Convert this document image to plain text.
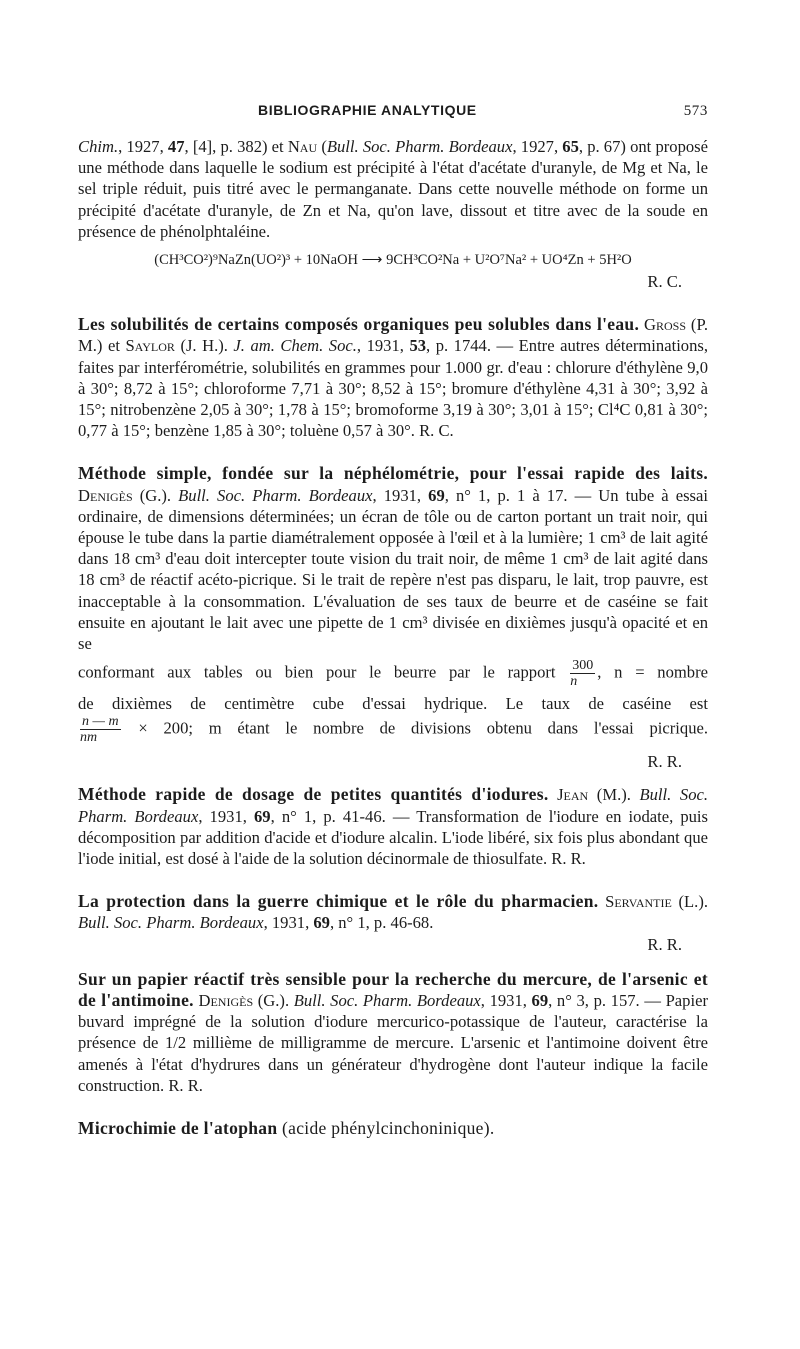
BIBLIOGRAPHIE ANALYTIQUE	573

Chim., 1927, 47, [4], p. 382) et Nau (Bull. Soc. Pharm. Bordeaux, 1927, 65, p. 67) ont proposé une méthode dans laquelle le sodium est précipité à l'état d'acétate d'uranyle, de Mg et Na, le sel triple réduit, puis titré avec le permanganate. Dans cette nouvelle méthode on forme un précipité d'acétate d'uranyle, de Zn et Na, qu'on lave, dissout et titre avec de la soude en présence de phénolphtaléine.

(CH³CO²)⁹NaZn(UO²)³ + 10NaOH ⟶ 9CH³CO²Na + U²O⁷Na² + UO⁴Zn + 5H²O

R. C.

Les solubilités de certains composés organiques peu solubles dans l'eau. Gross (P. M.) et Saylor (J. H.). J. am. Chem. Soc., 1931, 53, p. 1744. — Entre autres déterminations, faites par interférométrie, solubilités en grammes pour 1.000 gr. d'eau : chlorure d'éthylène 9,0 à 30°; 8,72 à 15°; chloroforme 7,71 à 30°; 8,52 à 15°; bromure d'éthylène 4,31 à 30°; 3,92 à 15°; nitrobenzène 2,05 à 30°; 1,78 à 15°; bromoforme 3,19 à 30°; 3,01 à 15°; Cl⁴C 0,81 à 30°; 0,77 à 15°; benzène 1,85 à 30°; toluène 0,57 à 30°. R. C.

Méthode simple, fondée sur la néphélométrie, pour l'essai rapide des laits. Denigès (G.). Bull. Soc. Pharm. Bordeaux, 1931, 69, n° 1, p. 1 à 17. — Un tube à essai ordinaire, de dimensions déterminées; un écran de tôle ou de carton portant un trait noir, qui épouse le tube dans la partie diamétralement opposée à l'œil et à la lumière; 1 cm³ de lait agité dans 18 cm³ d'eau doit intercepter toute vision du trait noir, de même 1 cm³ de lait agité dans 18 cm³ de réactif acéto-picrique. Si le trait de repère n'est pas disparu, le lait, trop pauvre, est inacceptable à la consommation. L'évaluation de ses taux de beurre et de caséine se fait ensuite en ajoutant le lait avec une pipette de 1 cm³ divisée en dixièmes jusqu'à opacité et en se

conformant aux tables ou bien pour le beurre par le rapport $\frac{300}{n}$ , n = nombre

de dixièmes de centimètre cube d'essai hydrique. Le taux de caséine est

$\frac{n — m}{nm} \times 200$; m étant le nombre de divisions obtenu dans l'essai picrique.

R. R.

Méthode rapide de dosage de petites quantités d'iodures. Jean (M.). Bull. Soc. Pharm. Bordeaux, 1931, 69, n° 1, p. 41-46. — Transformation de l'iodure en iodate, puis décomposition par addition d'acide et d'iodure alcalin. L'iode libéré, six fois plus abondant que l'iode initial, est dosé à l'aide de la solution décinormale de thiosulfate. R. R.

La protection dans la guerre chimique et le rôle du pharmacien. Servantie (L.). Bull. Soc. Pharm. Bordeaux, 1931, 69, n° 1, p. 46-68.

R. R.

Sur un papier réactif très sensible pour la recherche du mercure, de l'arsenic et de l'antimoine. Denigès (G.). Bull. Soc. Pharm. Bordeaux, 1931, 69, n° 3, p. 157. — Papier buvard imprégné de la solution d'iodure mercurico-potassique de l'auteur, caractérise la présence de 1/2 millième de milligramme de mercure. L'arsenic et l'antimoine doivent être amenés à l'état d'hydrures dans un générateur d'hydrogène dont l'auteur indique la facile construction. R. R.

Microchimie de l'atophan (acide phénylcinchoninique).
